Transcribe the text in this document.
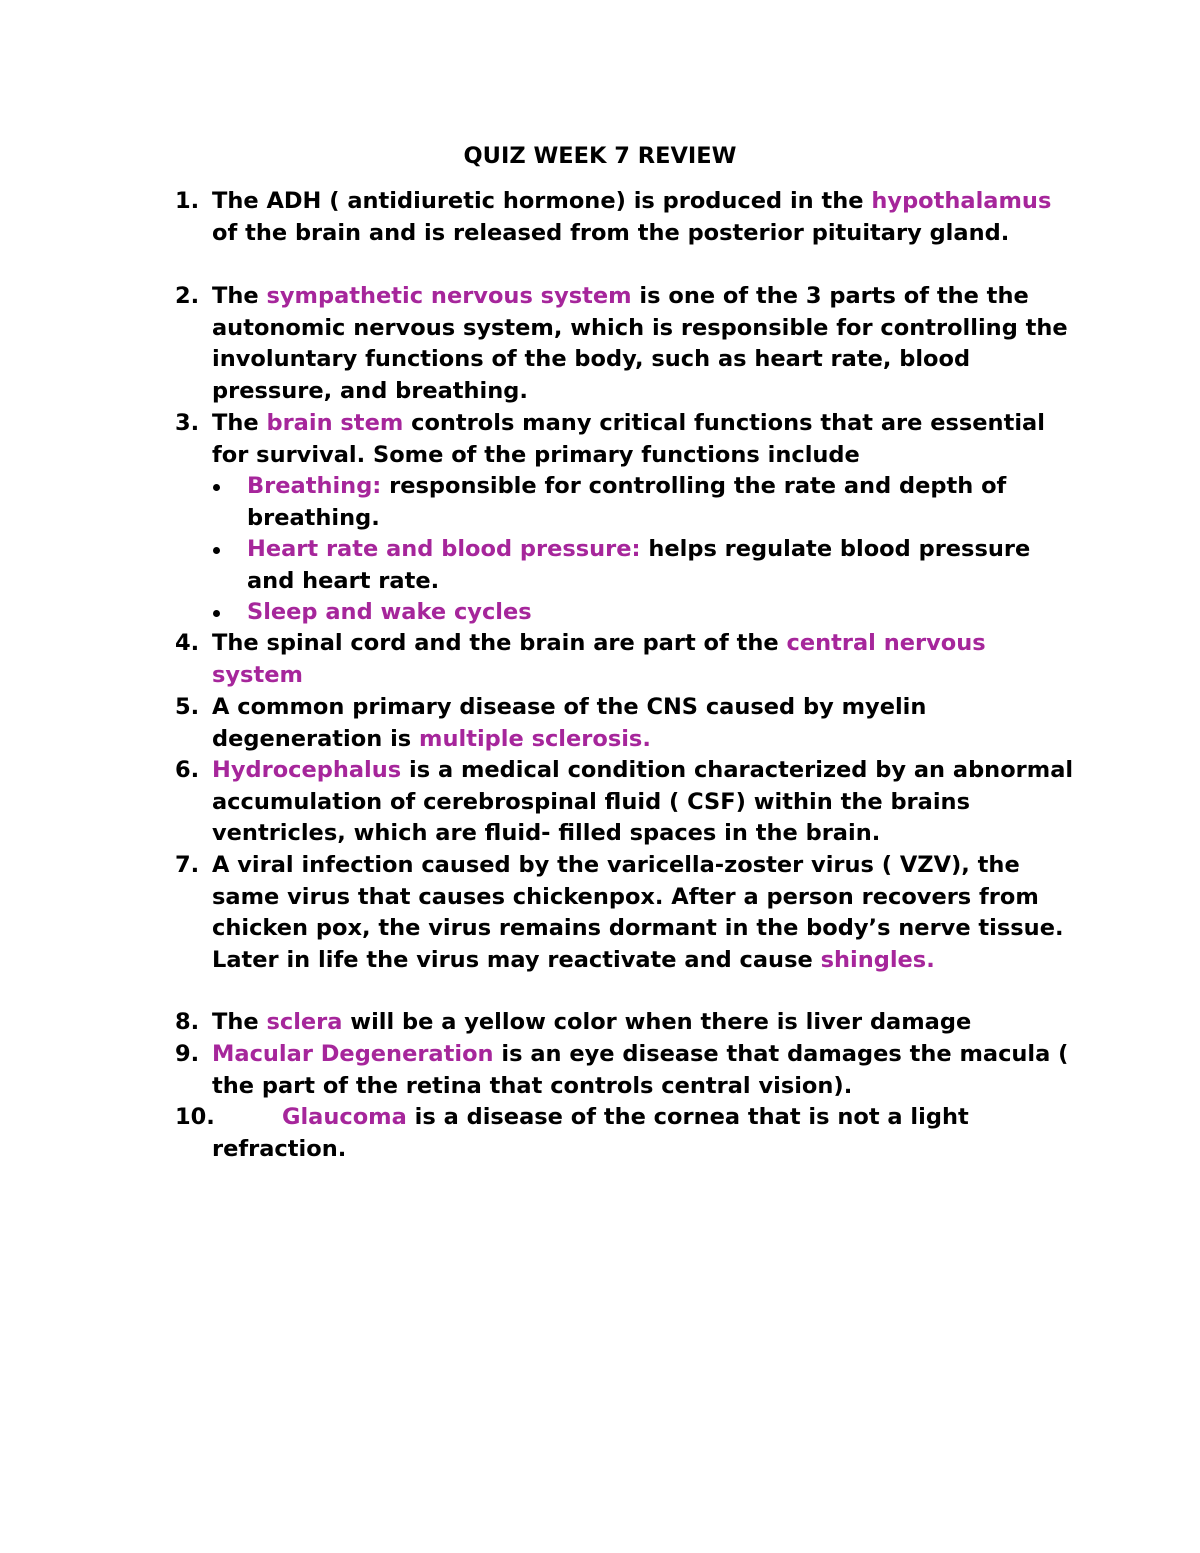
QUIZ WEEK 7 REVIEW
1. The ADH ( antidiuretic hormone) is produced in the hypothalamus of the brain and is released from the posterior pituitary gland.
2. The sympathetic nervous system is one of the 3 parts of the the autonomic nervous system, which is responsible for controlling the involuntary functions of the body, such as heart rate, blood pressure, and breathing.
3. The brain stem controls many critical functions that are essential for survival. Some of the primary functions include
Breathing: responsible for controlling the rate and depth of breathing.
Heart rate and blood pressure: helps regulate blood pressure and heart rate.
Sleep and wake cycles
4. The spinal cord and the brain are part of the central nervous system
5. A common primary disease of the CNS caused by myelin degeneration is multiple sclerosis.
6. Hydrocephalus is a medical condition characterized by an abnormal accumulation of cerebrospinal fluid ( CSF) within the brains ventricles, which are fluid- filled spaces in the brain.
7. A viral infection caused by the varicella-zoster virus ( VZV), the same virus that causes chickenpox. After a person recovers from chicken pox, the virus remains dormant in the body’s nerve tissue. Later in life the virus may reactivate and cause shingles.
8. The sclera will be a yellow color when there is liver damage
9. Macular Degeneration is an eye disease that damages the macula ( the part of the retina that controls central vision).
10.	Glaucoma is a disease of the cornea that is not a light refraction.
